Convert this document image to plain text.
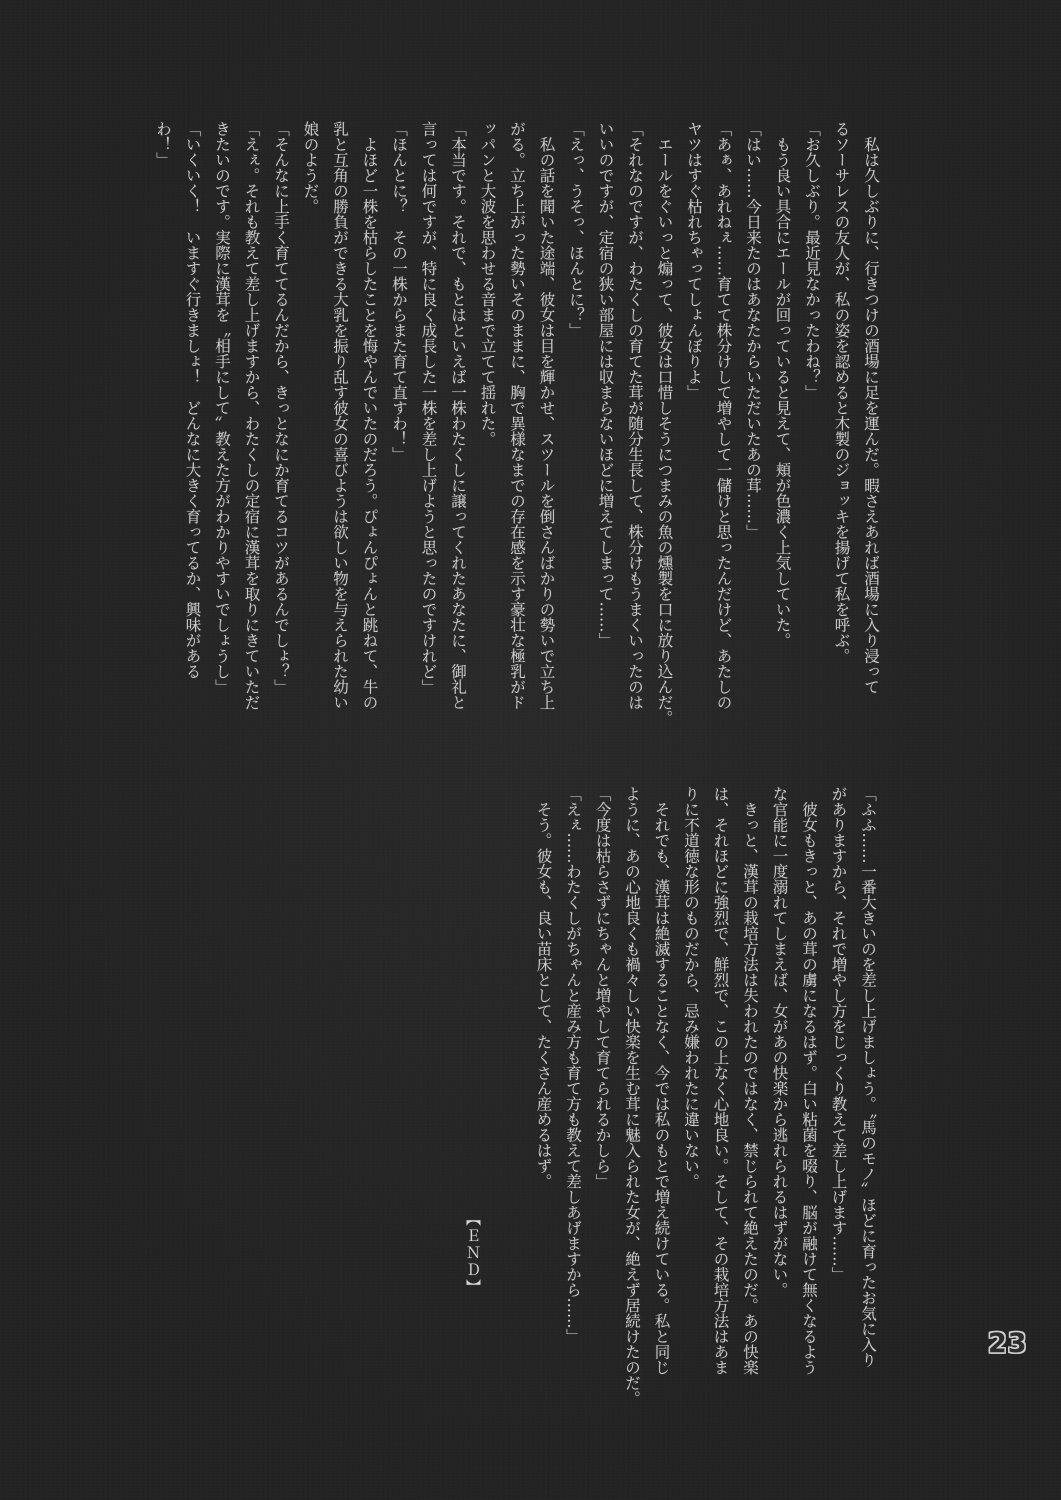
　私は久しぶりに、行きつけの酒場に足を運んだ。暇さえあれば酒場に入り浸って
るソーサレスの友人が、私の姿を認めると木製のジョッキを揚げて私を呼ぶ。
「お久しぶり。最近見なかったわね？」
　もう良い具合にエールが回っていると見えて、頬が色濃く上気していた。
「はい……今日来たのはあなたからいただいたあの茸……」
「あぁ、あれねぇ……育てて株分けして増やして一儲けと思ったんだけど、あたしの
ヤツはすぐ枯れちゃってしょんぼりよ」
　エールをぐいっと煽って、彼女は口惜しそうにつまみの魚の燻製を口に放り込んだ。
「それなのですが、わたくしの育てた茸が随分生長して、株分けもうまくいったのは
いいのですが、定宿の狭い部屋には収まらないほどに増えてしまって……」
「えっ、うそっ、ほんとに？」
　私の話を聞いた途端、彼女は目を輝かせ、スツールを倒さんばかりの勢いで立ち上
がる。立ち上がった勢いそのままに、胸で異様なまでの存在感を示す豪壮な極乳がド
ッパンと大波を思わせる音まで立てて揺れた。
「本当です。それで、もとはといえば一株わたくしに譲ってくれたあなたに、御礼と
言っては何ですが、特に良く成長した一株を差し上げようと思ったのですけれど」
「ほんとに？　その一株からまた育て直すわ！」
　よほど一株を枯らしたことを悔やんでいたのだろう。ぴょんぴょんと跳ねて、牛の
乳と互角の勝負ができる大乳を振り乱す彼女の喜びようは欲しい物を与えられた幼い
娘のようだ。
「そんなに上手く育ててるんだから、きっとなにか育てるコツがあるんでしょ？」
「えぇ。それも教えて差し上げますから、わたくしの定宿に漢茸を取りにきていただ
きたいのです。実際に漢茸を〝相手にして〟教えた方がわかりやすいでしょうし」
「いくいく！　いますぐ行きましょ！　どんなに大きく育ってるか、興味がある
わ！」
「ふふ……一番大きいのを差し上げましょう。〝馬のモノ〟ほどに育ったお気に入り
がありますから、それで増やし方をじっくり教えて差し上げます……」
　彼女もきっと、あの茸の虜になるはず。白い粘菌を啜り、脳が融けて無くなるよう
な官能に一度溺れてしまえば、女があの快楽から逃れられるはずがない。
　きっと、漢茸の栽培方法は失われたのではなく、禁じられて絶えたのだ。あの快楽
は、それほどに強烈で、鮮烈で、この上なく心地良い。そして、その栽培方法はあま
りに不道徳な形のものだから、忌み嫌われたに違いない。
　それでも、漢茸は絶滅することなく、今では私のもとで増え続けている。私と同じ
ように、あの心地良くも禍々しい快楽を生む茸に魅入られた女が、絶えず居続けたのだ。
「今度は枯らさずにちゃんと増やして育てられるかしら」
「えぇ……わたくしがちゃんと産み方も育て方も教えて差しあげますから……」
　そう。彼女も、良い苗床として、たくさん産めるはず。
【ＥＮＤ】
23
